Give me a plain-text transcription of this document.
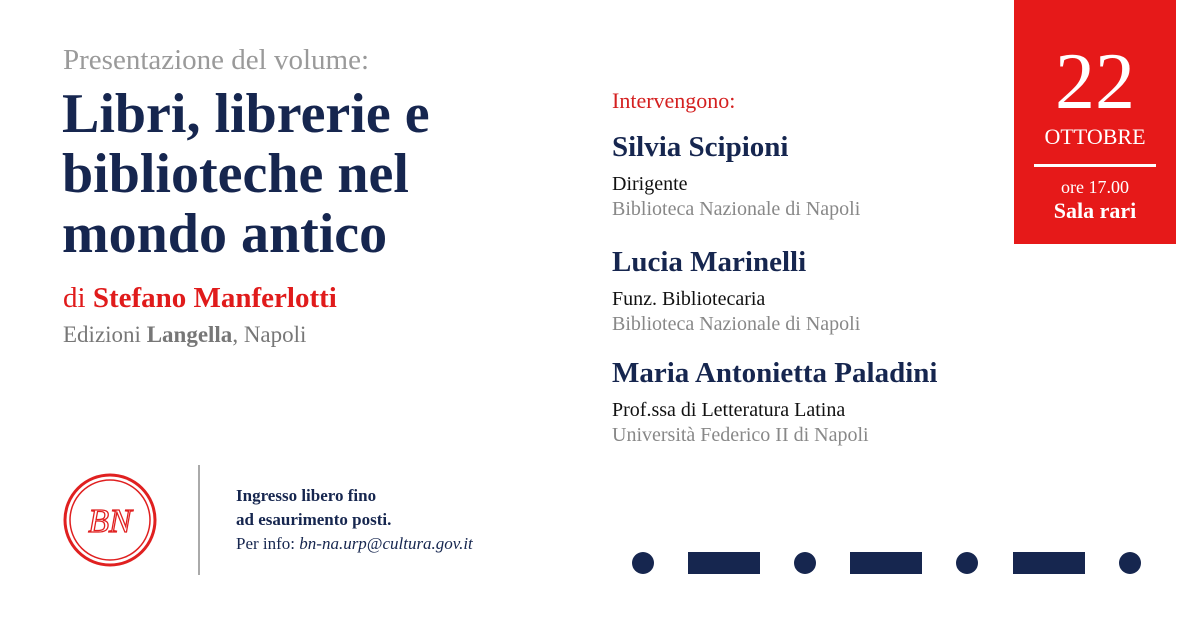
Presentazione del volume:
Libri, librerie e biblioteche nel mondo antico
di Stefano Manferlotti
Edizioni Langella, Napoli
Intervengono:
Silvia Scipioni
Dirigente
Biblioteca Nazionale di Napoli
Lucia Marinelli
Funz. Bibliotecaria
Biblioteca Nazionale di Napoli
Maria Antonietta Paladini
Prof.ssa di Letteratura Latina
Università Federico II di Napoli
22
OTTOBRE
ore 17.00
Sala rari
BN
Ingresso libero fino
ad esaurimento posti.
Per info: bn-na.urp@cultura.gov.it
